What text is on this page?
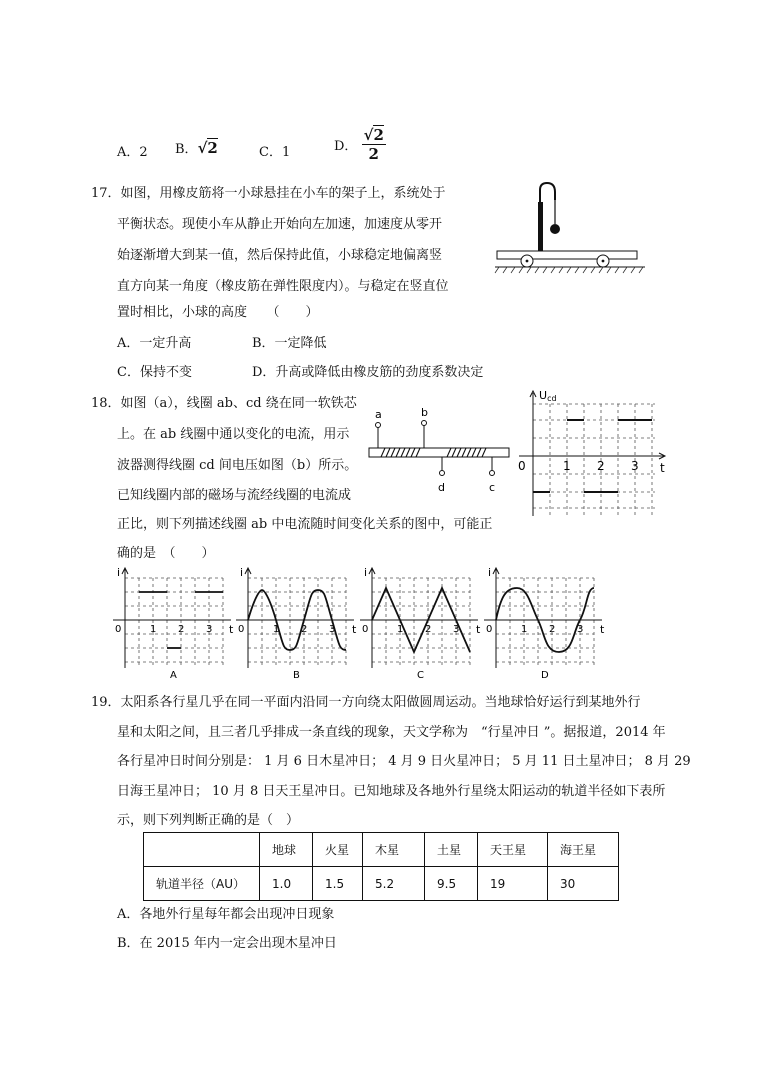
A．2 B．√2	C．1	D． $\frac{√2}{2}$
17．如图，用橡皮筋将一小球悬挂在小车的架子上，系统处于
平衡状态。现使小车从静止开始向左加速，加速度从零开
始逐渐增大到某一值，然后保持此值，小球稳定地偏离竖
直方向某一角度（橡皮筋在弹性限度内）。与稳定在竖直位
置时相比，小球的高度　　（　　）
A．一定升高	B．一定降低
C．保持不变	D．升高或降低由橡皮筋的劲度系数决定
18．如图（a），线圈 ab、cd 绕在同一软铁芯
上。在 ab 线圈中通以变化的电流，用示
波器测得线圈 cd 间电压如图（b）所示。
已知线圈内部的磁场与流经线圈的电流成
正比，则下列描述线圈 ab 中电流随时间变化关系的图中，可能正
确的是　（　　）
a	b
d	c
Ucd
t
0	1 2 3
i
t
0	1 2 3
A
i
t
0	1 2 3
B
i
t
0	1 2 3
C
i
t
0	1 2 3
D
19．太阳系各行星几乎在同一平面内沿同一方向绕太阳做圆周运动。当地球恰好运行到某地外行
星和太阳之间，且三者几乎排成一条直线的现象，天文学称为　“行星冲日 ”。据报道，2014 年
各行星冲日时间分别是： 1 月 6 日木星冲日； 4 月 9 日火星冲日； 5 月 11 日土星冲日； 8 月 29
日海王星冲日； 10 月 8 日天王星冲日。已知地球及各地外行星绕太阳运动的轨道半径如下表所
示，则下列判断正确的是（　）
	地球	火星	木星	土星	天王星	海王星
轨道半径（AU）	1.0	1.5	5.2	9.5	19	30
A．各地外行星每年都会出现冲日现象
B．在 2015 年内一定会出现木星冲日
